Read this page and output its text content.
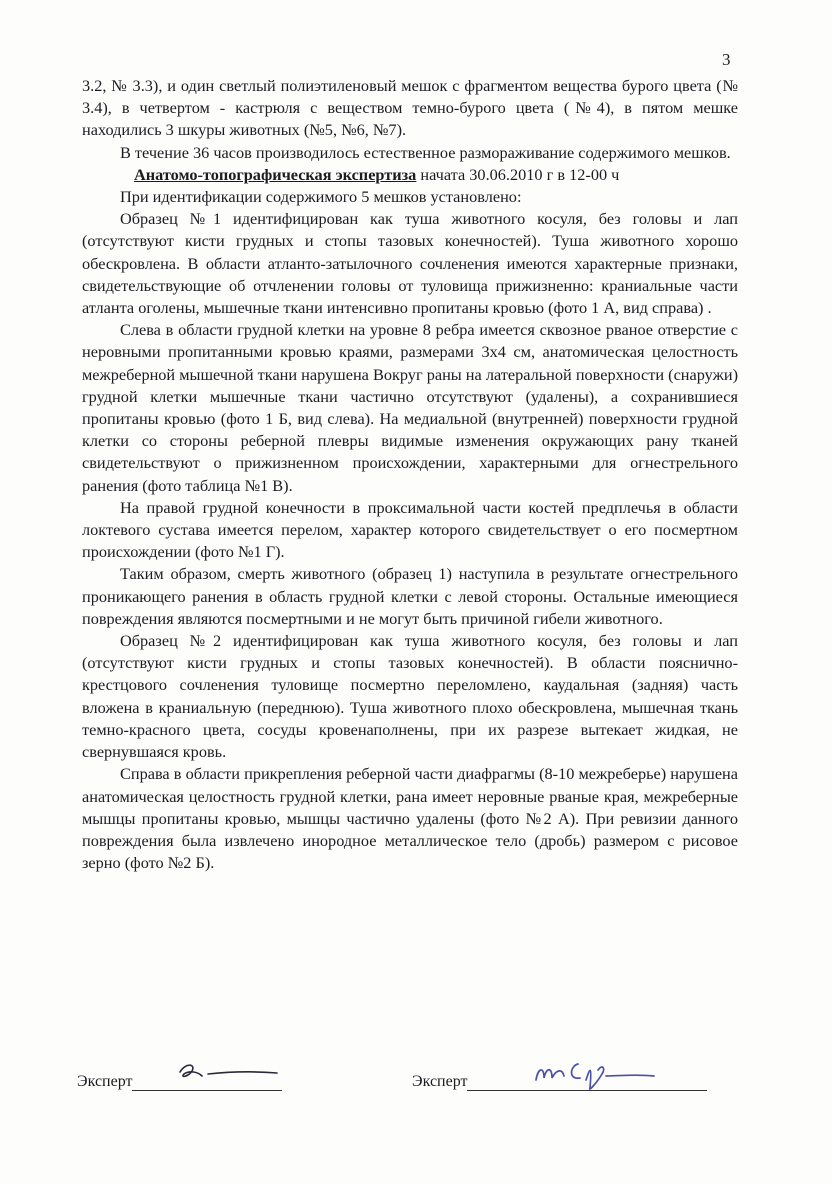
3

3.2, № 3.3), и один светлый полиэтиленовый мешок с фрагментом вещества бурого цвета (№ 3.4), в четвертом - кастрюля с веществом темно-бурого цвета (№4), в пятом мешке находились 3 шкуры животных (№5, №6, №7).

В течение 36 часов производилось естественное размораживание содержимого мешков.

Анатомо-топографическая экспертиза начата 30.06.2010 г в 12-00 ч

При идентификации содержимого 5 мешков установлено:

Образец №1 идентифицирован как туша животного косуля, без головы и лап (отсутствуют кисти грудных и стопы тазовых конечностей). Туша животного хорошо обескровлена. В области атланто-затылочного сочленения имеются характерные признаки, свидетельствующие об отчленении головы от туловища прижизненно: краниальные части атланта оголены, мышечные ткани интенсивно пропитаны кровью (фото 1 А, вид справа) .

Слева в области грудной клетки на уровне 8 ребра имеется сквозное рваное отверстие с неровными пропитанными кровью краями, размерами 3х4 см, анатомическая целостность межреберной мышечной ткани нарушена Вокруг раны на латеральной поверхности (снаружи) грудной клетки мышечные ткани частично отсутствуют (удалены), а сохранившиеся пропитаны кровью (фото 1 Б, вид слева). На медиальной (внутренней) поверхности грудной клетки со стороны реберной плевры видимые изменения окружающих рану тканей свидетельствуют о прижизненном происхождении, характерными для огнестрельного ранения (фото таблица №1 В).

На правой грудной конечности в проксимальной части костей предплечья в области локтевого сустава имеется перелом, характер которого свидетельствует о его посмертном происхождении (фото №1 Г).

Таким образом, смерть животного (образец 1) наступила в результате огнестрельного проникающего ранения в область грудной клетки с левой стороны. Остальные имеющиеся повреждения являются посмертными и не могут быть причиной гибели животного.

Образец №2 идентифицирован как туша животного косуля, без головы и лап (отсутствуют кисти грудных и стопы тазовых конечностей). В области пояснично-крестцового сочленения туловище посмертно переломлено, каудальная (задняя) часть вложена в краниальную (переднюю). Туша животного плохо обескровлена, мышечная ткань темно-красного цвета, сосуды кровенаполнены, при их разрезе вытекает жидкая, не свернувшаяся кровь.

Справа в области прикрепления реберной части диафрагмы (8-10 межреберье) нарушена анатомическая целостность грудной клетки, рана имеет неровные рваные края, межреберные мышцы пропитаны кровью, мышцы частично удалены (фото №2 А). При ревизии данного повреждения была извлечено инородное металлическое тело (дробь) размером с рисовое зерно (фото №2 Б).

Эксперт	Эксперт
